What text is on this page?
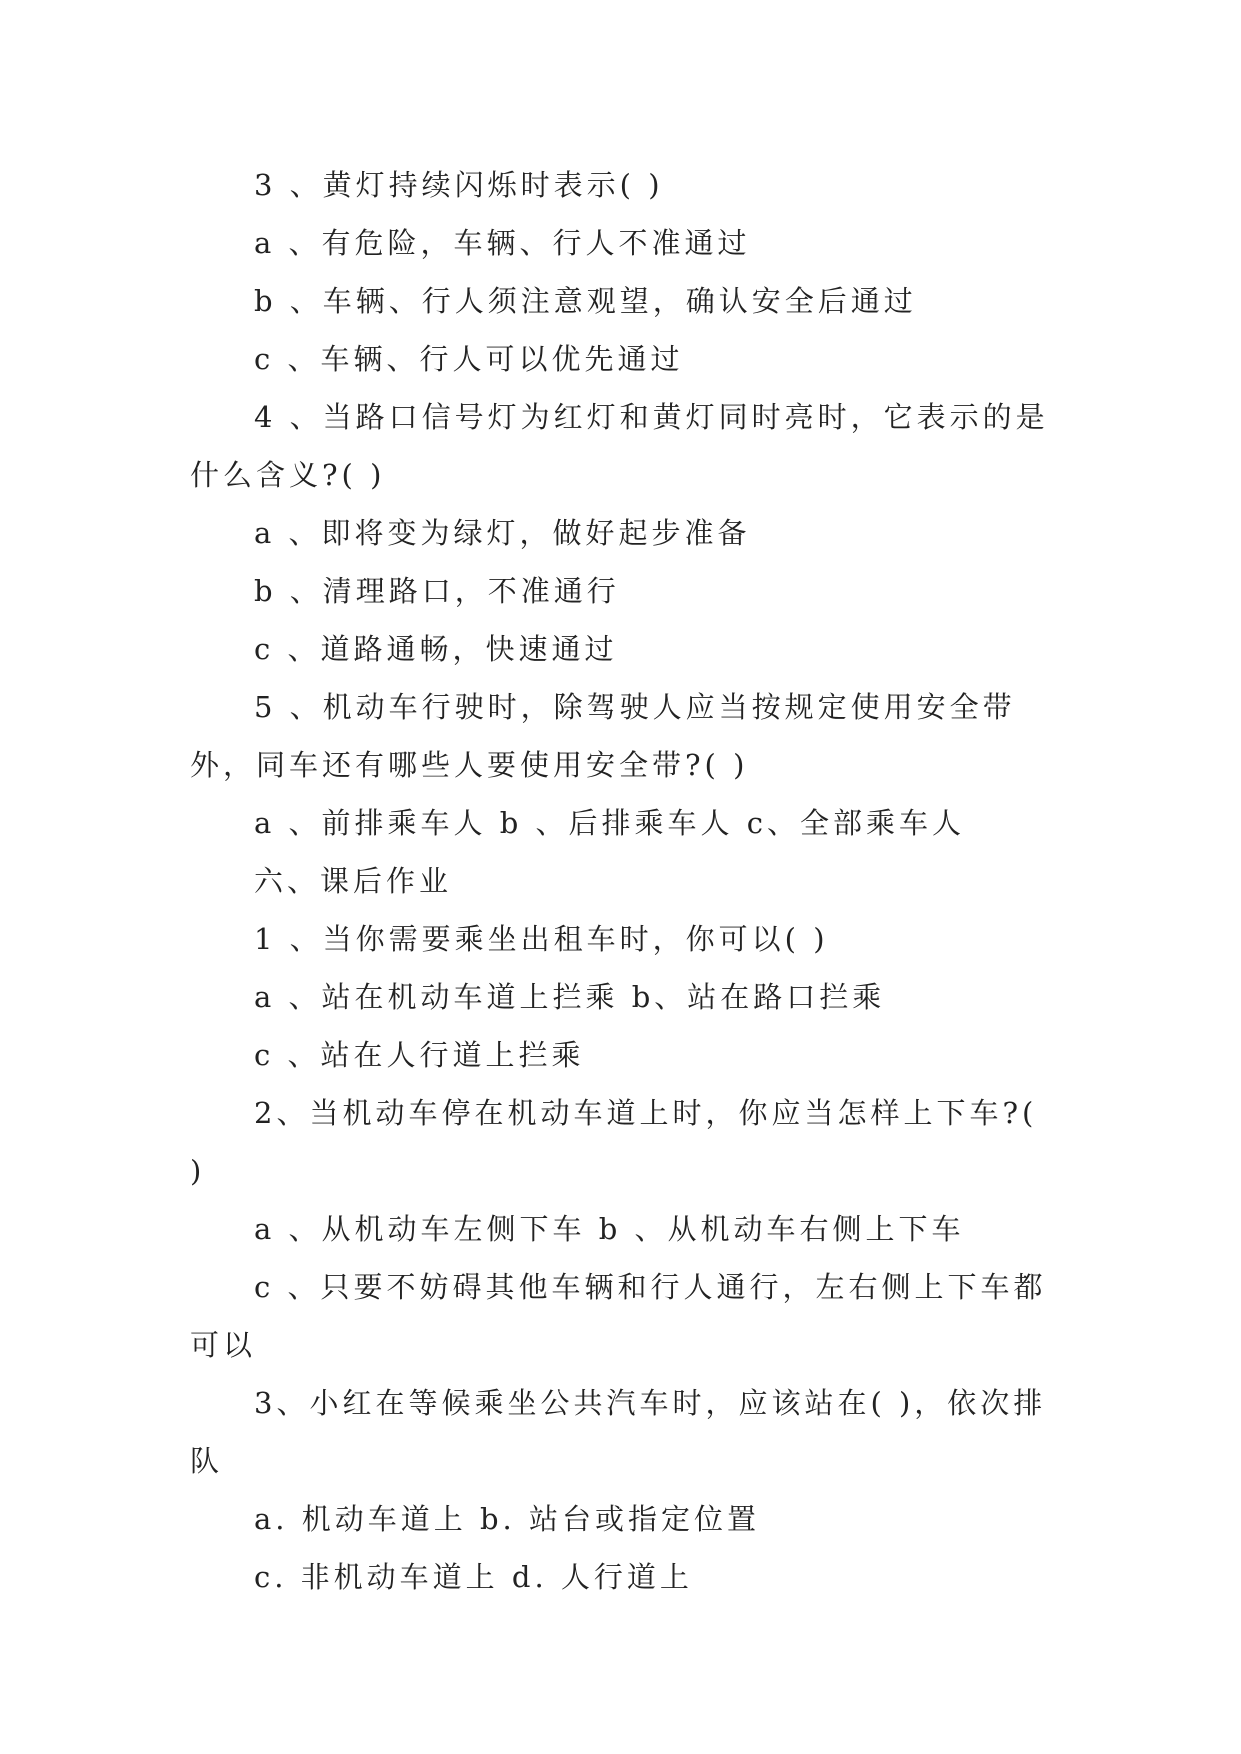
3 、黄灯持续闪烁时表示( )

a 、有危险，车辆、行人不准通过

b 、车辆、行人须注意观望，确认安全后通过

c 、车辆、行人可以优先通过

4 、当路口信号灯为红灯和黄灯同时亮时，它表示的是什么含义?( )

a 、即将变为绿灯，做好起步准备

b 、清理路口，不准通行

c 、道路通畅，快速通过

5 、机动车行驶时，除驾驶人应当按规定使用安全带外，同车还有哪些人要使用安全带?( )

a 、前排乘车人 b 、后排乘车人 c、全部乘车人

六、课后作业

1 、当你需要乘坐出租车时，你可以( )

a 、站在机动车道上拦乘 b、站在路口拦乘

c 、站在人行道上拦乘

2、当机动车停在机动车道上时，你应当怎样上下车?( )

a 、从机动车左侧下车 b 、从机动车右侧上下车

c 、只要不妨碍其他车辆和行人通行，左右侧上下车都可以

3、小红在等候乘坐公共汽车时，应该站在( )，依次排队

a. 机动车道上 b. 站台或指定位置

c. 非机动车道上 d. 人行道上
